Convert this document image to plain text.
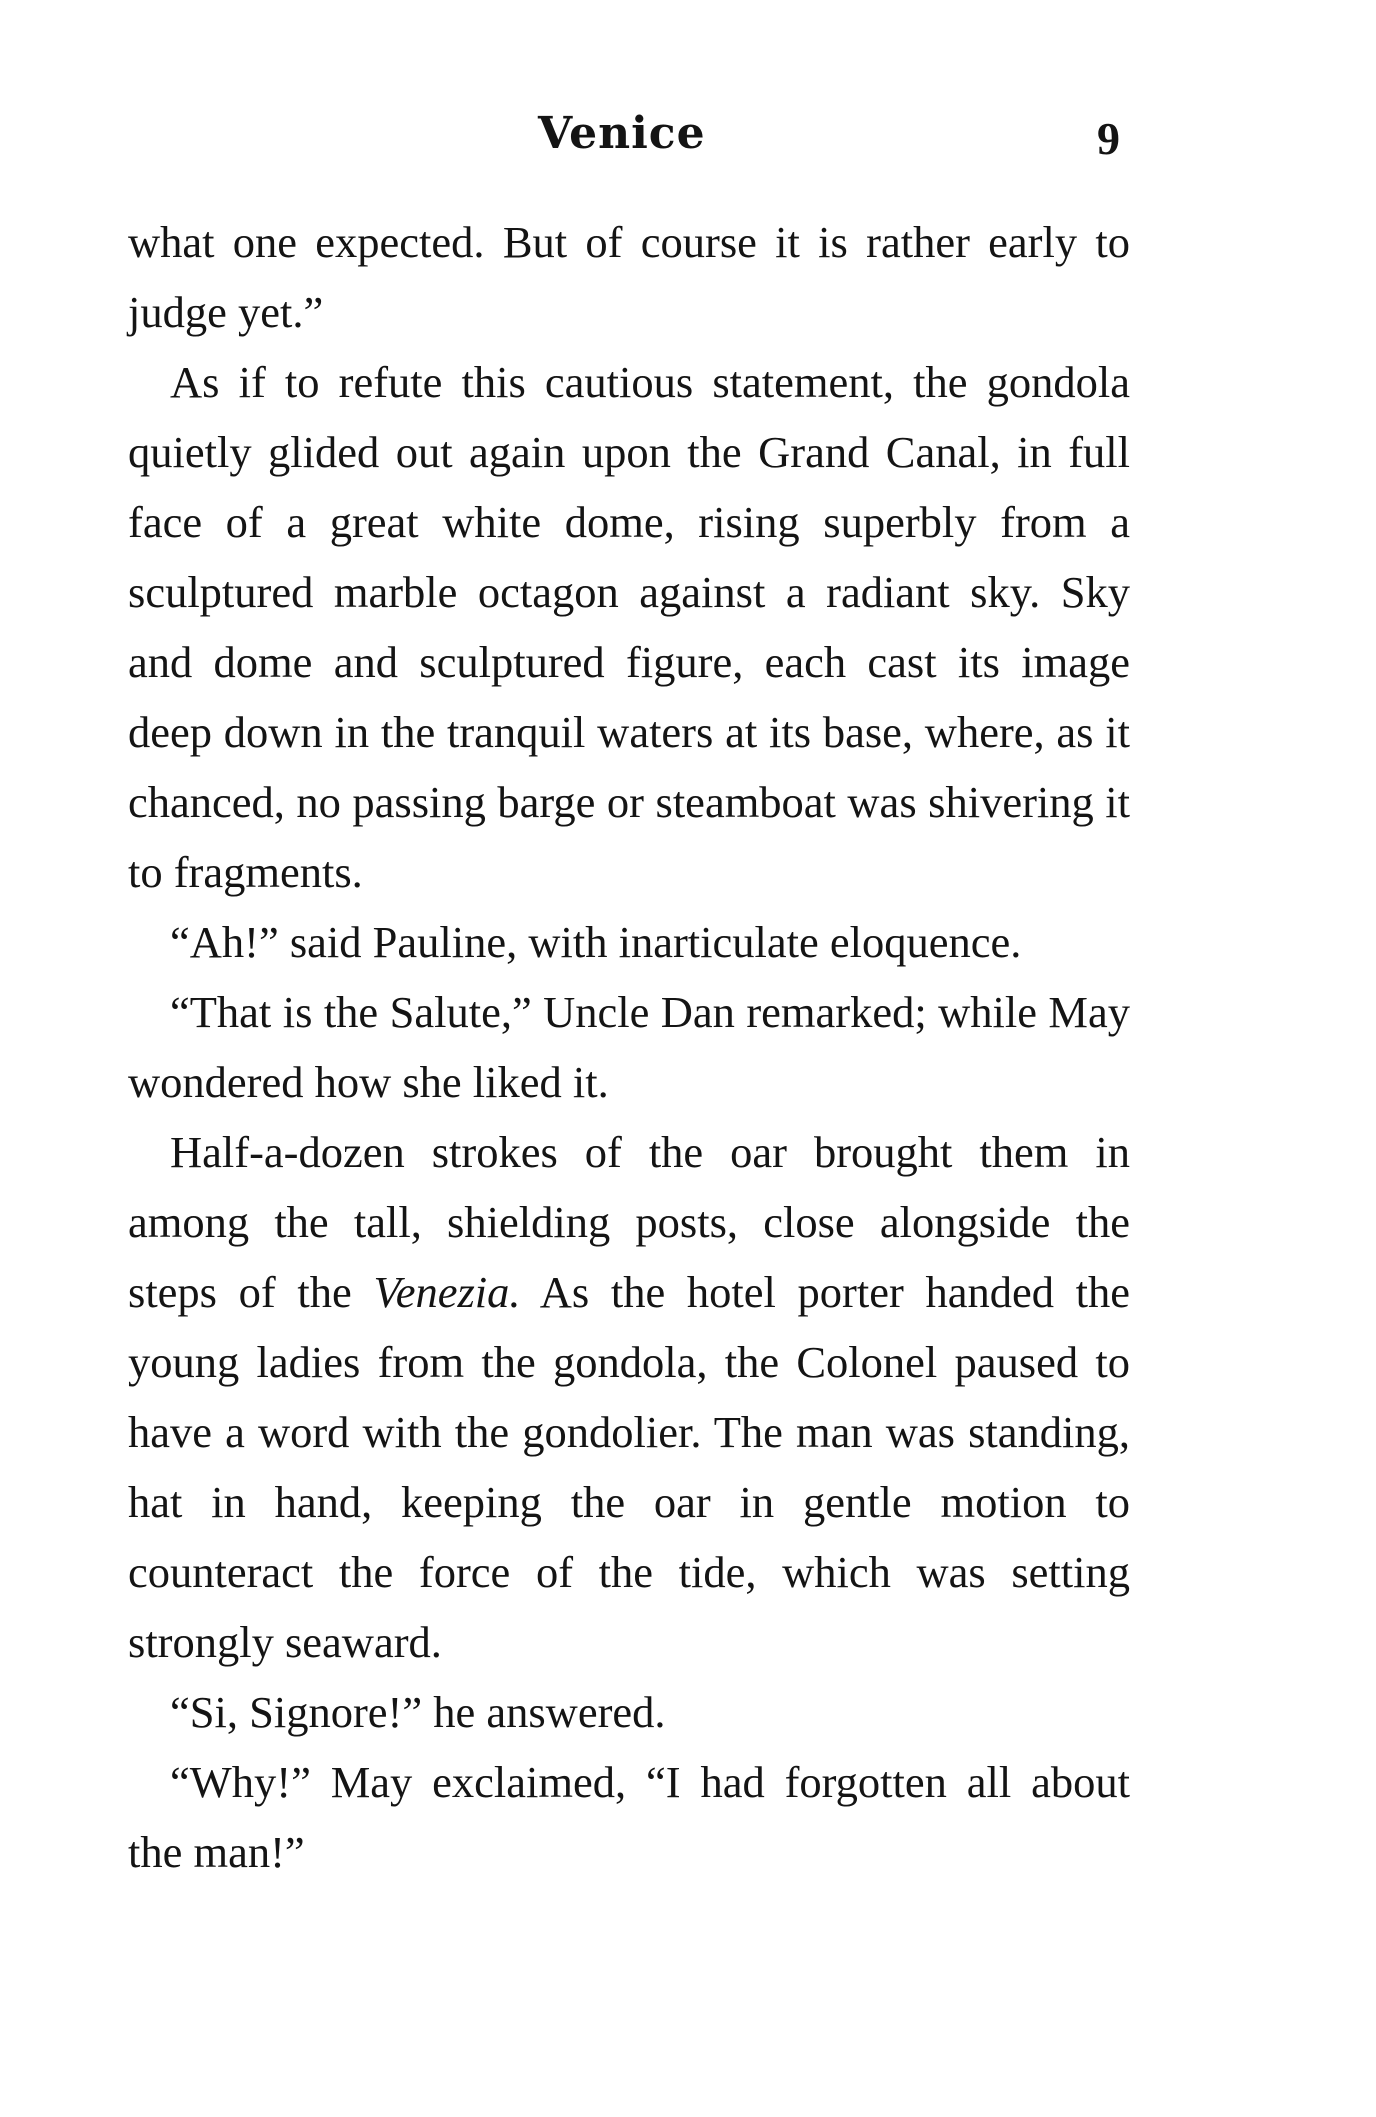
Venice	9

what one expected. But of course it is rather early to judge yet.”

As if to refute this cautious statement, the gondola quietly glided out again upon the Grand Canal, in full face of a great white dome, rising superbly from a sculptured marble octagon against a radiant sky. Sky and dome and sculptured figure, each cast its image deep down in the tranquil waters at its base, where, as it chanced, no passing barge or steamboat was shivering it to fragments.

“Ah!” said Pauline, with inarticulate eloquence.

“That is the Salute,” Uncle Dan remarked; while May wondered how she liked it.

Half-a-dozen strokes of the oar brought them in among the tall, shielding posts, close alongside the steps of the Venezia. As the hotel porter handed the young ladies from the gondola, the Colonel paused to have a word with the gondolier. The man was standing, hat in hand, keeping the oar in gentle motion to counteract the force of the tide, which was setting strongly seaward.

“Si, Signore!” he answered.

“Why!” May exclaimed, “I had forgotten all about the man!”
